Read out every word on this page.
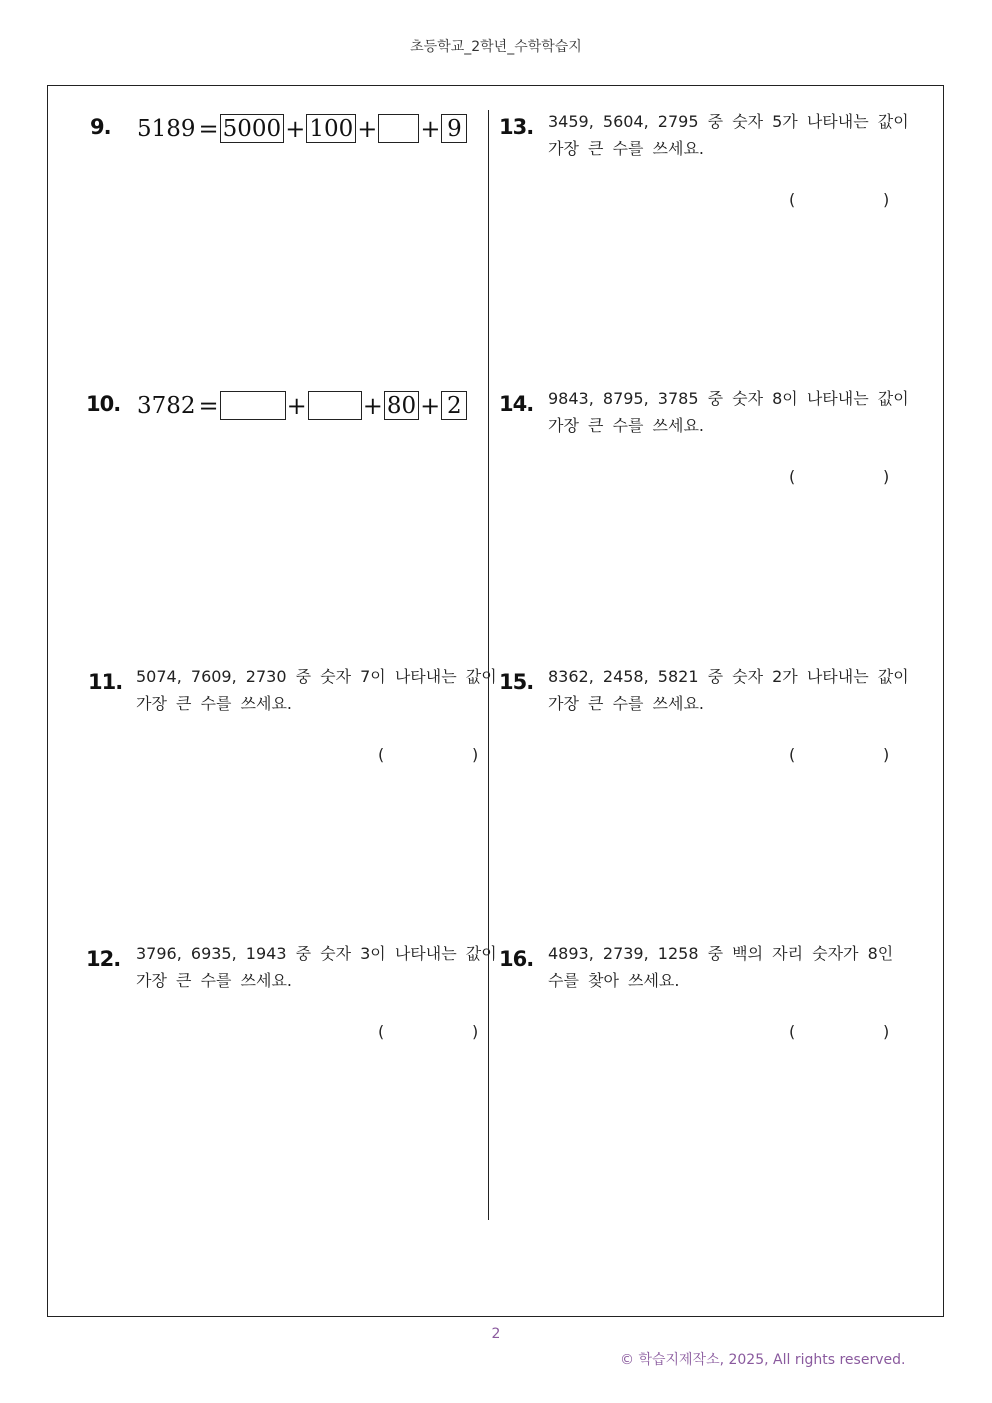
초등학교_2학년_수학학습지
9. 5189 = 5000 + 100 + + 9
10. 3782 =	+ + 80 + 2
11. 5074, 7609, 2730 중 숫자 7이 나타내는 값이
가장 큰 수를 쓰세요.
(	)
12. 3796, 6935, 1943 중 숫자 3이 나타내는 값이
가장 큰 수를 쓰세요.
(	)
13. 3459, 5604, 2795 중 숫자 5가 나타내는 값이
가장 큰 수를 쓰세요.
(	)
14. 9843, 8795, 3785 중 숫자 8이 나타내는 값이
가장 큰 수를 쓰세요.
(	)
15. 8362, 2458, 5821 중 숫자 2가 나타내는 값이
가장 큰 수를 쓰세요.
(	)
16. 4893, 2739, 1258 중 백의 자리 숫자가 8인
수를 찾아 쓰세요.
(	)
2
© 학습지제작소, 2025, All rights reserved.
